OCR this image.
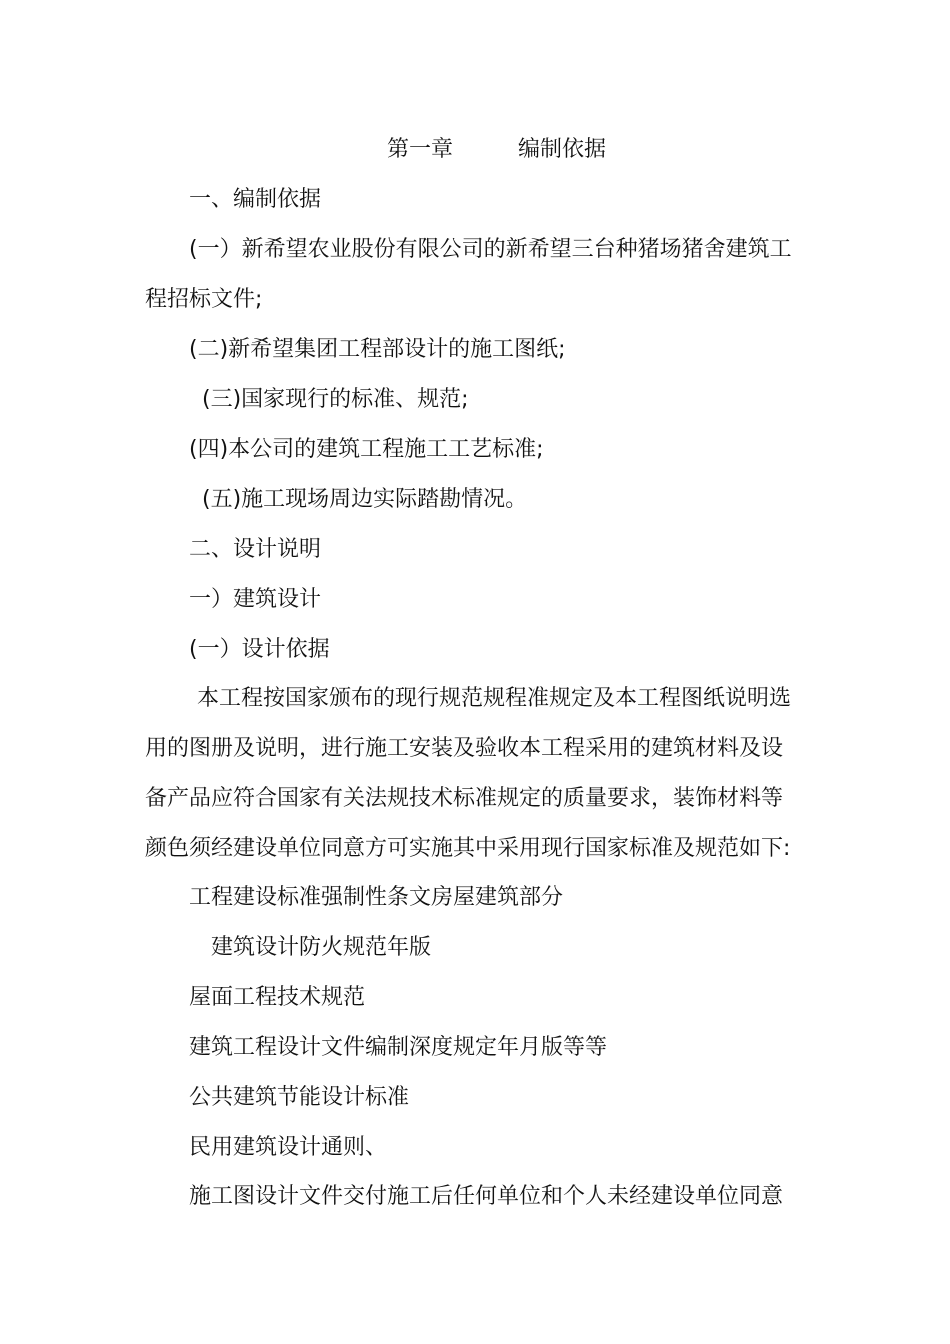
第一章	编制依据
一、编制依据
(一）新希望农业股份有限公司的新希望三台种猪场猪舍建筑工
程招标文件;
(二)新希望集团工程部设计的施工图纸;
(三)国家现行的标准、规范;
(四)本公司的建筑工程施工工艺标准;
(五)施工现场周边实际踏勘情况。
二、设计说明
一）建筑设计
(一）设计依据
本工程按国家颁布的现行规范规程准规定及本工程图纸说明选
用的图册及说明，进行施工安装及验收本工程采用的建筑材料及设
备产品应符合国家有关法规技术标准规定的质量要求，装饰材料等
颜色须经建设单位同意方可实施其中采用现行国家标准及规范如下:
工程建设标准强制性条文房屋建筑部分
建筑设计防火规范年版
屋面工程技术规范
建筑工程设计文件编制深度规定年月版等等
公共建筑节能设计标准
民用建筑设计通则、
施工图设计文件交付施工后任何单位和个人未经建设单位同意
